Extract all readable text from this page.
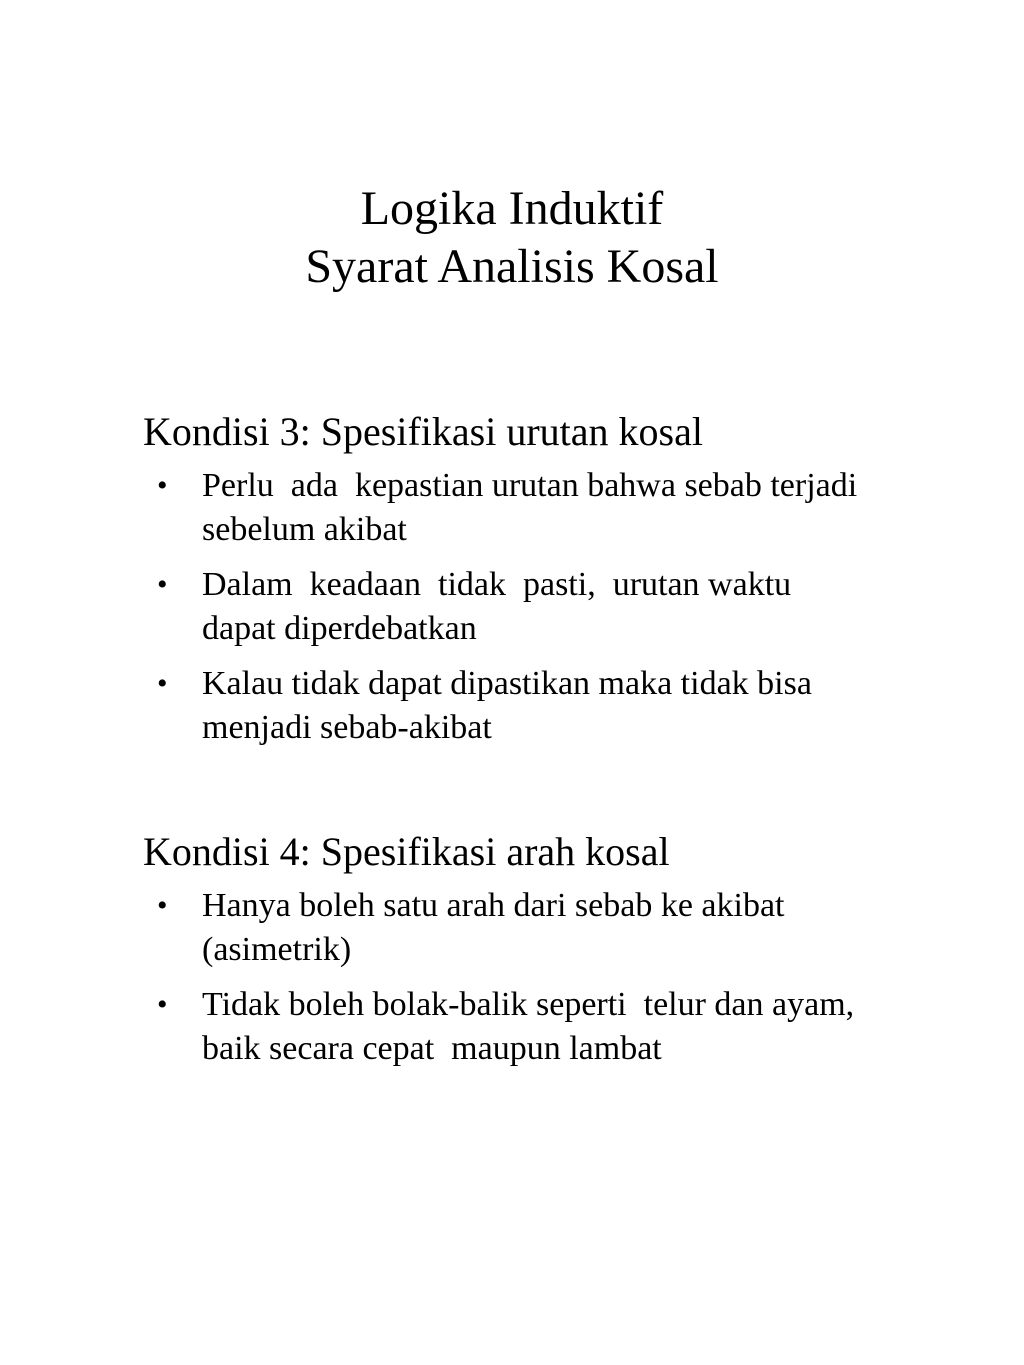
Logika Induktif
Syarat Analisis Kosal
Kondisi 3: Spesifikasi urutan kosal
• Perlu  ada  kepastian urutan bahwa sebab terjadi
sebelum akibat
• Dalam  keadaan  tidak  pasti,  urutan waktu
dapat diperdebatkan
• Kalau tidak dapat dipastikan maka tidak bisa
menjadi sebab-akibat
Kondisi 4: Spesifikasi arah kosal
• Hanya boleh satu arah dari sebab ke akibat
(asimetrik)
• Tidak boleh bolak-balik seperti  telur dan ayam,
baik secara cepat  maupun lambat
